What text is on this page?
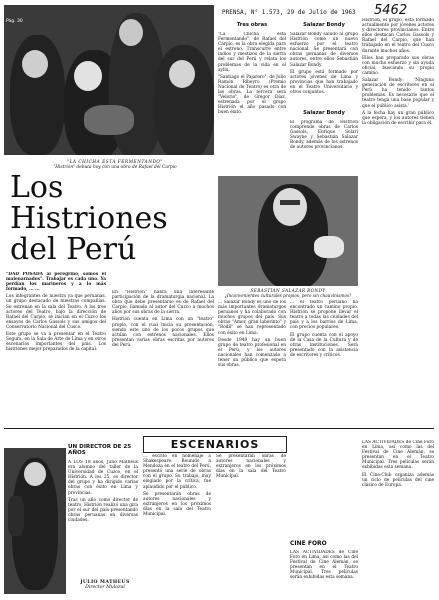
Pág. 30
PRENSA, N° 1.573, 29 de Julio de 1963 5462
"LA CHICHA ESTA FERMENTANDO"
"Histrión" debuta hoy con una obra de Rafael del Carpio
Los
Histriones
del Perú

"DAD POSADA al peregrino, somos el malenarnados". Trabajar es cada uno. Ya perdían los marineros y a lo más formado, ... ...

Los integrantes de nuestra ya que peruanas, un grupo destacado de nuestras compañías. Se estrenan en la sala del Teatro. A los tres actores del Teatro, bajo la dirección de Rafael del Carpio, se inician en el Cuzco los ensayos de Carlos Gassols y sus amigos del Conservatorio Nacional del Cusco.

Este grupo se va a presentar en el Teatro Segura, en la Sala de Arte de Lima y en otros escenarios importantes del país. Los histriones mejor preparados de la capital.

En "Histrión" habrá una interesante participación de la dramaturgia nacional. La obra que debe presentarse es de Rafael del Carpio, llamado al autor del Cuzco a muchos años por sus obras de la sierra.

Histrión cuenta en Lima con un "teatro" propio, con el cual inicia su presentación, siendo este uno de los pocos grupos que actúan con estrenos nacionales. Ellos presentan varias obras escritas por autores del Perú.

Tres obras

"La Chicha está Fermentando", de Rafael del Carpio, es la obra elegida para el estreno. Transcurre entre indios y mestizos de la sierra del sur del Perú y relata los problemas de la vida en el ayllu.

"Santiago el Pajarero", de Julio Ramón Ribeyro (Premio Nacional de Teatro) es otra de las obras. La tercera será "Velorio", de Grégor Díaz, estrenada por el grupo Histrión el año pasado con buen éxito.

Salazar Bondy

Salazar Bondy saludó al grupo Histrión como un nuevo esfuerzo por el teatro nacional. Se presentará con obras peruanas de diversos autores, entre ellos Sebastián Salazar Bondy.

El grupo está formado por actores jóvenes de Lima y provincias que han trabajado en el Teatro Universitario y otros conjuntos.

Salazar Bondy

El programa de Histrión comprende obras de Carlos Gassols, Enrique Solari Swayne y Sebastián Salazar Bondy, además de los estrenos de autores provincianos.

SEBASTIAN SALAZAR BONDY
¿Inconvenientes culturales propios, pero sin chauvinismos?

... Salazar Bondy es uno de los más importantes dramaturgos peruanos y ha colaborado con muchos grupos del país. Sus obras "Amor, gran laberinto" y "Rodil" se han representado con éxito en Lima.

Desde 1949 hay un buen grupo de teatro profesional en el Perú, y los autores nacionales han comenzado a tener un público que espera sus obras.

... el teatro peruano ha encontrado un camino propio. Histrión se propone llevar el teatro a todas las ciudades del país y a los barrios de Lima, con precios populares.

El grupo cuenta con el apoyo de la Casa de la Cultura y de otras instituciones. Será presentado con la asistencia de escritores y críticos.

Histrión, el grupo, está formado actualmente por jóvenes actores y directores provincianos. Entre ellos destacan Carlos Gassols y Rafael del Carpio, que han trabajado en el teatro del Cusco durante muchos años.

Ellos han preparado sus obras con mucho esfuerzo y sin ayuda oficial, buscando su propio camino.

Salazar Bondy: 'Ninguna generación de escritores en el Perú ha tenido tantos problemas. Es necesario que el teatro tenga una base popular y que el público asista.'

A la fecha hay un gran público que espera, y los autores tienen la obligación de escribir para él.

UN DIRECTOR DE 25 AÑOS

A LOS 18 años, Julio Matheus era alumno del taller de la Universidad de Cuzco, en el Histrión. A los 25, es director del grupo y ha dirigido varias obras con éxito en Lima y provincias.

Tras un año como director de teatro, Histrión realizó una gira por el sur del país presentando obras peruanas en diversas ciudades.

JULIO MATHEUS
Director Mulazul
ESCENARIOS

... escrito en homenaje a Shakespeare. Reunido a Mendoza en el teatro del Perú, presentó una serie de obras con el grupo. Su trabajo, muy elogiado por la crítica, fue aplaudido por el público.

Se presentarán obras de autores nacionales y extranjeros en los próximos días en la sala del Teatro Municipal.

Se presentarán obras de autores nacionales y extranjeros en los próximos días en la sala del Teatro Municipal.

CINE FORO

LAS ACTIVIDADES de Cine Foro en Lima, así como las del Festival de Cine Alemán, se presentan en el Teatro Municipal. Tres películas serán exhibidas esta semana.

LAS ACTIVIDADES de Cine Foro en Lima, así como las del Festival de Cine Alemán, se presentan en el Teatro Municipal. Tres películas serán exhibidas esta semana.

El Cine-Club organiza además un ciclo de películas del cine clásico de Europa.
